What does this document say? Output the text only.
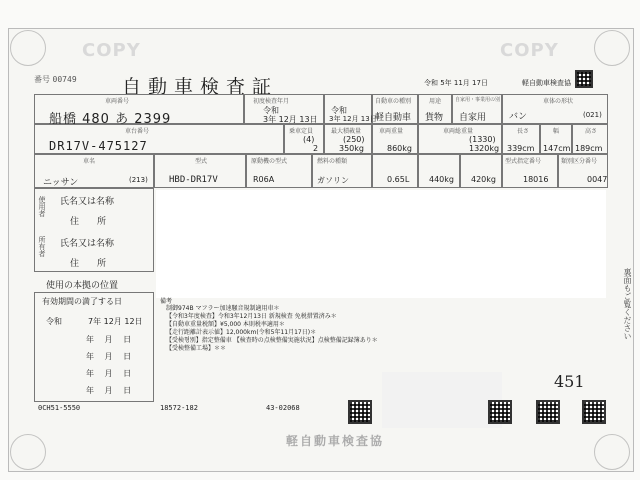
COPY	COPY
番号 00749 自動車検査証	令和 5年 11月 17日	軽自動車検査協
車両番号
船橋 480 あ 2399
初度検査年月
令和
3年 12月 13日
令和
3年 12月 13日
自動車の種別
軽自動車
用途
貨物
自家用・事業用の別
自家用
車体の形状
バン	(021)
車台番号
DR17V-475127
乗車定員
(4)
2
最大積載量
(250)
350kg
車両重量
860kg
車両総重量
(1330)
1320kg
長さ
339cm
幅
147cm
高さ
189cm
車名
ニッサン	(213)
型式
HBD-DR17V
原動機の型式
R06A
燃料の種類
ガソリン	0.65L 440kg 420kg
型式指定番号
18016
類別区分番号
0047
使用者
所有者
氏名又は名称
住　　所
氏名又は名称
住　　所
使用の本拠の位置
有効期間の満了する日
令和	7年 12月 12日
年 月 日
年 月 日
年 月 日
年 月 日
備考
制御974B マフラー加速騒音規制適用車＊
【令和3年度検査】令和3年12月13日 新規検査 免税措置済み＊
【自動車重量税額】¥5,000 本則税率適用＊
【走行距離計表示値】12,000km(令和5年11月17日)＊
【受検형別】指定整備車 【検査時の点検整備実施状況】点検整備記録簿あり＊
【受検整備工場】＊＊
451
裏面もご覧ください
0CH51-5550	18572-182	43-02068
軽自動車検査協
